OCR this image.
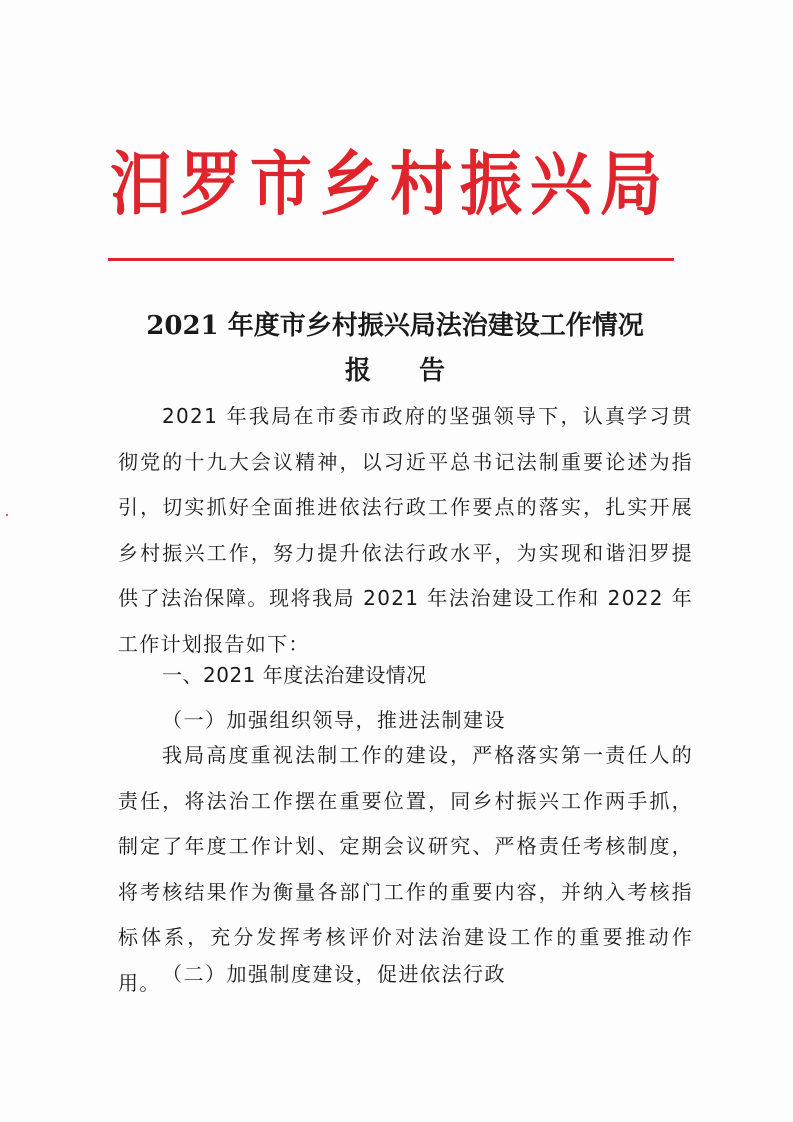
汨罗市乡村振兴局
2021 年度市乡村振兴局法治建设工作情况
报告

2021 年我局在市委市政府的坚强领导下，认真学习贯彻党的十九大会议精神，以习近平总书记法制重要论述为指引，切实抓好全面推进依法行政工作要点的落实，扎实开展乡村振兴工作，努力提升依法行政水平，为实现和谐汨罗提供了法治保障。现将我局 2021 年法治建设工作和 2022 年工作计划报告如下：

一、2021 年度法治建设情况
（一）加强组织领导，推进法制建设

我局高度重视法制工作的建设，严格落实第一责任人的责任，将法治工作摆在重要位置，同乡村振兴工作两手抓，制定了年度工作计划、定期会议研究、严格责任考核制度，将考核结果作为衡量各部门工作的重要内容，并纳入考核指标体系，充分发挥考核评价对法治建设工作的重要推动作用。 （二）加强制度建设，促进依法行政
